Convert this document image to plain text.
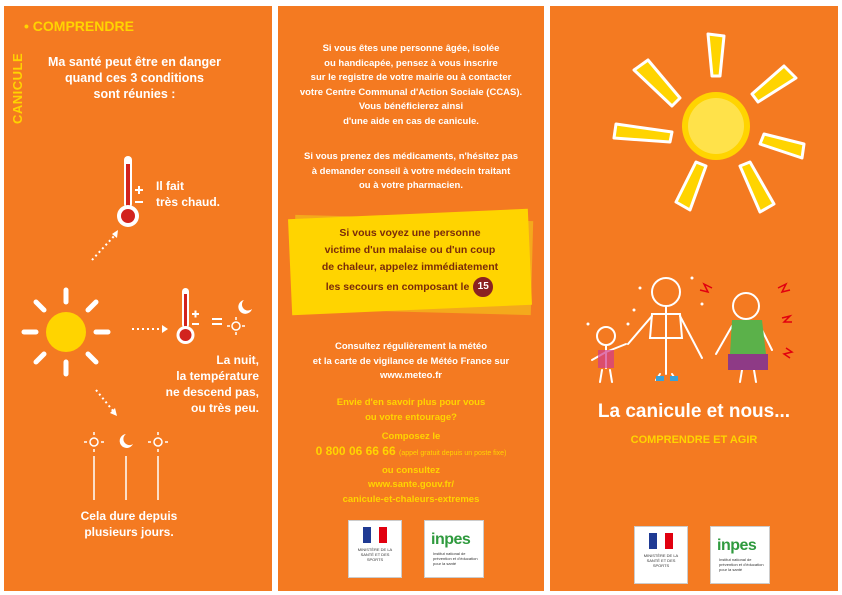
CANICULE
• COMPRENDRE
Ma santé peut être en danger
quand ces 3 conditions
sont réunies :
Il fait
très chaud.
La nuit,
la température
ne descend pas,
ou très peu.
Cela dure depuis
plusieurs jours.
Si vous êtes une personne âgée, isolée
ou handicapée, pensez à vous inscrire
sur le registre de votre mairie ou à contacter
votre Centre Communal d'Action Sociale (CCAS).
Vous bénéficierez ainsi
d'une aide en cas de canicule.
Si vous prenez des médicaments, n'hésitez pas
à demander conseil à votre médecin traitant
ou à votre pharmacien.
Si vous voyez une personne
victime d'un malaise ou d'un coup
de chaleur, appelez immédiatement
les secours en composant le 15
Consultez régulièrement la météo
et la carte de vigilance de Météo France sur
www.meteo.fr
Envie d'en savoir plus pour vous
ou votre entourage?
Composez le
0 800 06 66 66 (appel gratuit depuis un poste fixe)
ou consultez
www.sante.gouv.fr/
canicule-et-chaleurs-extremes
MINISTÈRE DE LA SANTÉ ET DES SPORTS
inpes
Institut national de prévention et d'éducation pour la santé
La canicule et nous...
COMPRENDRE ET AGIR
MINISTÈRE DE LA SANTÉ ET DES SPORTS
inpes
Institut national de prévention et d'éducation pour la santé
